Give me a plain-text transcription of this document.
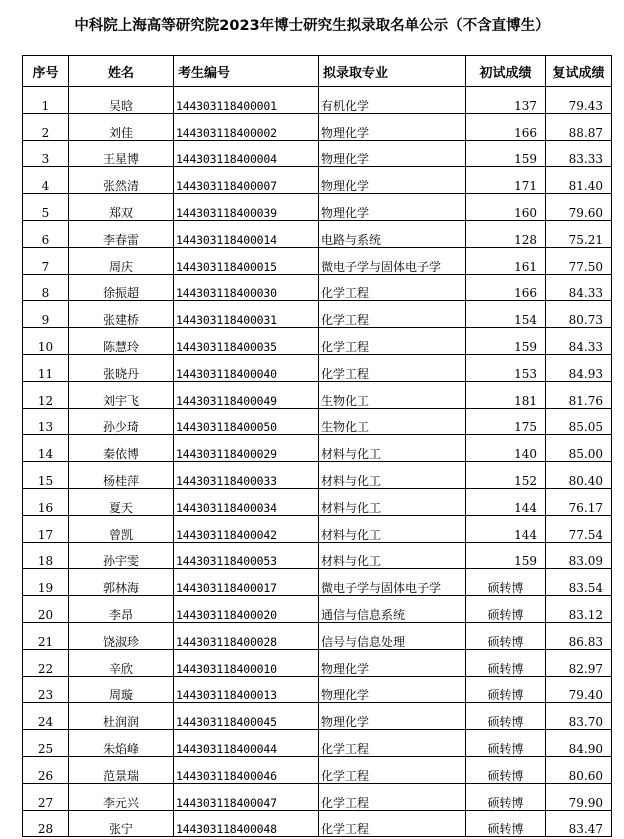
中科院上海高等研究院2023年博士研究生拟录取名单公示（不含直博生）
序号	姓名	考生编号	拟录取专业	初试成绩	复试成绩
1	吴晗	144303118400001	有机化学	137	79.43
2	刘佳	144303118400002	物理化学	166	88.87
3	王星博	144303118400004	物理化学	159	83.33
4	张然清	144303118400007	物理化学	171	81.40
5	郑双	144303118400039	物理化学	160	79.60
6	李春雷	144303118400014	电路与系统	128	75.21
7	周庆	144303118400015	微电子学与固体电子学	161	77.50
8	徐振超	144303118400030	化学工程	166	84.33
9	张建桥	144303118400031	化学工程	154	80.73
10	陈慧玲	144303118400035	化学工程	159	84.33
11	张晓丹	144303118400040	化学工程	153	84.93
12	刘宇飞	144303118400049	生物化工	181	81.76
13	孙少琦	144303118400050	生物化工	175	85.05
14	秦依博	144303118400029	材料与化工	140	85.00
15	杨桂萍	144303118400033	材料与化工	152	80.40
16	夏天	144303118400034	材料与化工	144	76.17
17	曾凯	144303118400042	材料与化工	144	77.54
18	孙宇雯	144303118400053	材料与化工	159	83.09
19	郭林海	144303118400017	微电子学与固体电子学	硕转博	83.54
20	李昂	144303118400020	通信与信息系统	硕转博	83.12
21	饶淑珍	144303118400028	信号与信息处理	硕转博	86.83
22	辛欣	144303118400010	物理化学	硕转博	82.97
23	周璇	144303118400013	物理化学	硕转博	79.40
24	杜润润	144303118400045	物理化学	硕转博	83.70
25	朱焰峰	144303118400044	化学工程	硕转博	84.90
26	范景瑞	144303118400046	化学工程	硕转博	80.60
27	李元兴	144303118400047	化学工程	硕转博	79.90
28	张宁	144303118400048	化学工程	硕转博	83.47
